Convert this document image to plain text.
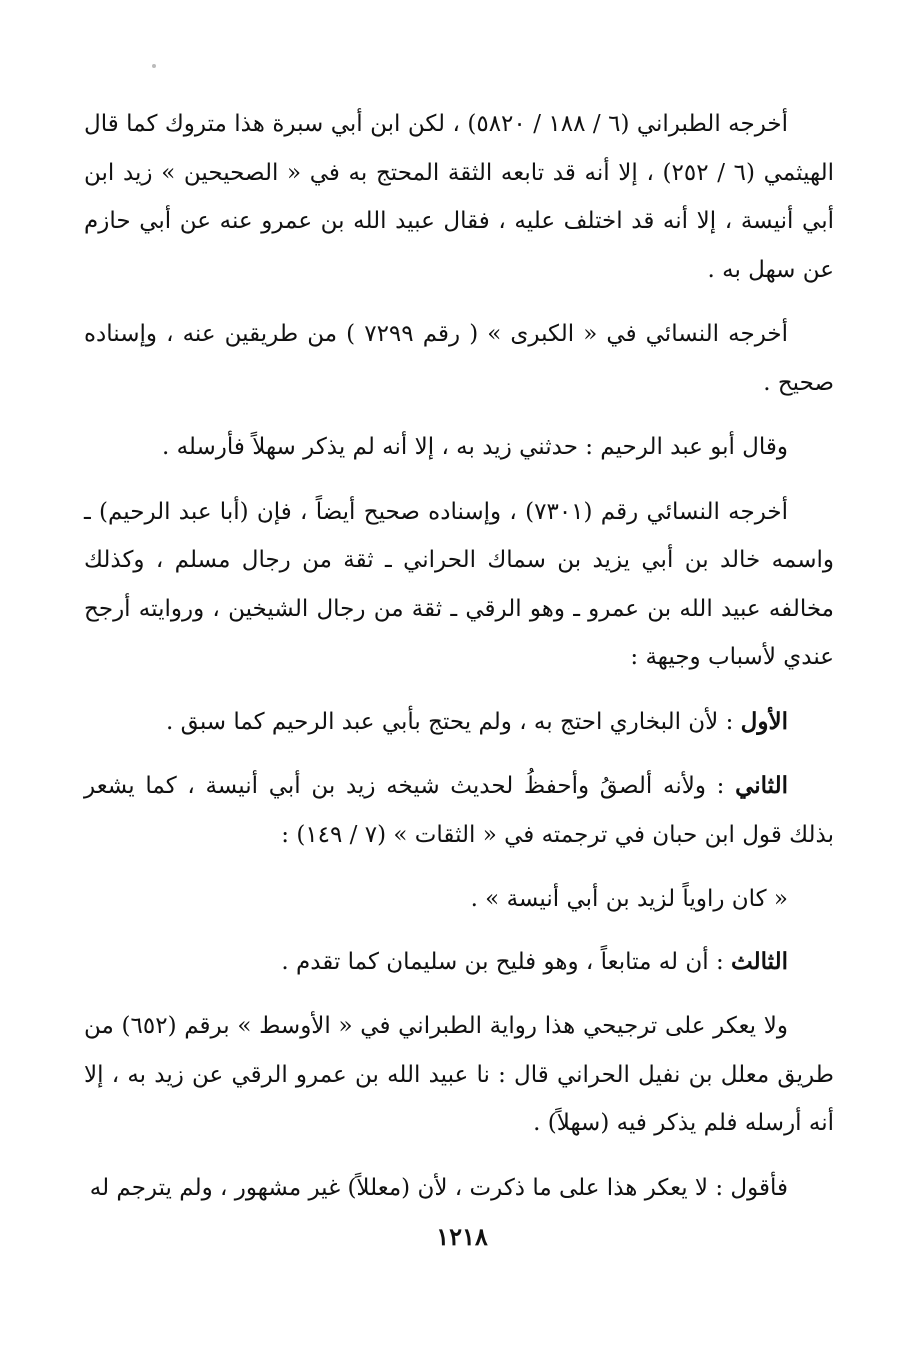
أخرجه الطبراني (٦ / ١٨٨ / ٥٨٢٠) ، لكن ابن أبي سبرة هذا متروك كما قال الهيثمي (٦ / ٢٥٢) ، إلا أنه قد تابعه الثقة المحتج به في « الصحيحين » زيد ابن أبي أنيسة ، إلا أنه قد اختلف عليه ، فقال عبيد الله بن عمرو عنه عن أبي حازم عن سهل به .

أخرجه النسائي في « الكبرى » ( رقم ٧٢٩٩ ) من طريقين عنه ، وإسناده صحيح .

وقال أبو عبد الرحيم : حدثني زيد به ، إلا أنه لم يذكر سهلاً فأرسله .

أخرجه النسائي رقم (٧٣٠١) ، وإسناده صحيح أيضاً ، فإن (أبا عبد الرحيم) ـ واسمه خالد بن أبي يزيد بن سماك الحراني ـ ثقة من رجال مسلم ، وكذلك مخالفه عبيد الله بن عمرو ـ وهو الرقي ـ ثقة من رجال الشيخين ، وروايته أرجح عندي لأسباب وجيهة :

الأول : لأن البخاري احتج به ، ولم يحتج بأبي عبد الرحيم كما سبق .

الثاني : ولأنه ألصقُ وأحفظُ لحديث شيخه زيد بن أبي أنيسة ، كما يشعر بذلك قول ابن حبان في ترجمته في « الثقات » (٧ / ١٤٩) :

« كان راوياً لزيد بن أبي أنيسة » .

الثالث : أن له متابعاً ، وهو فليح بن سليمان كما تقدم .

ولا يعكر على ترجيحي هذا رواية الطبراني في « الأوسط » برقم (٦٥٢) من طريق معلل بن نفيل الحراني قال : نا عبيد الله بن عمرو الرقي عن زيد به ، إلا أنه أرسله فلم يذكر فيه (سهلاً) .

فأقول : لا يعكر هذا على ما ذكرت ، لأن (معللاً) غير مشهور ، ولم يترجم له

١٢١٨
